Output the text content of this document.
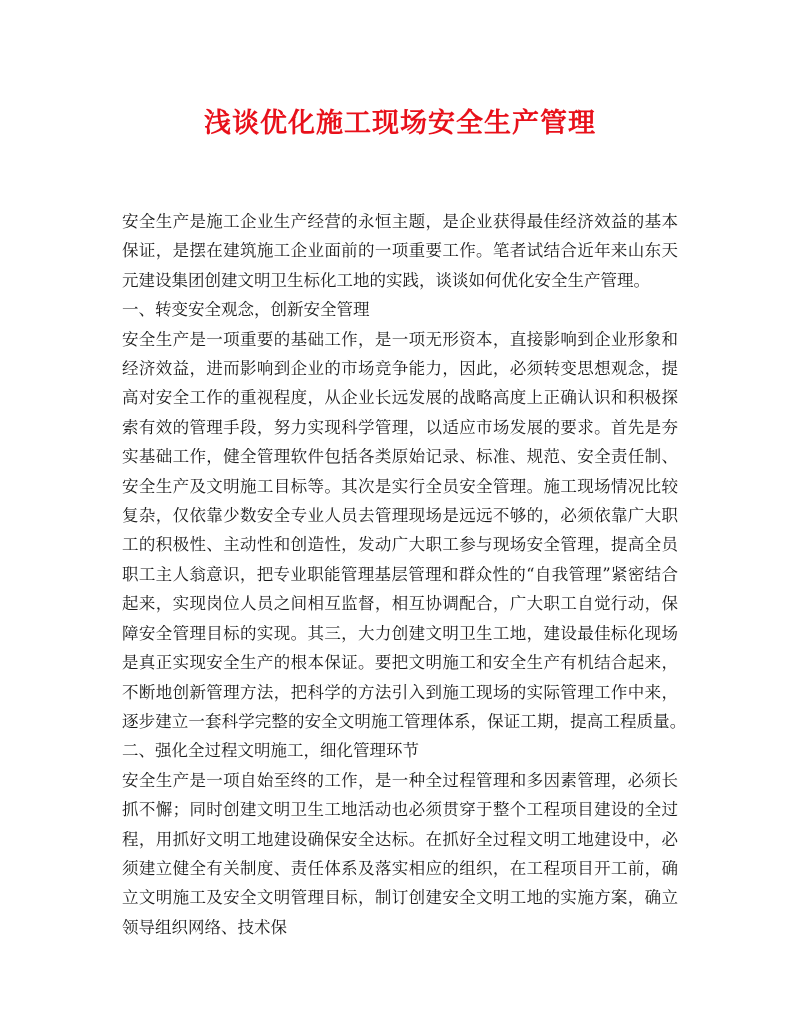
浅谈优化施工现场安全生产管理

安全生产是施工企业生产经营的永恒主题，是企业获得最佳经济效益的基本保证，是摆在建筑施工企业面前的一项重要工作。笔者试结合近年来山东天元建设集团创建文明卫生标化工地的实践，谈谈如何优化安全生产管理。

一、转变安全观念，创新安全管理

安全生产是一项重要的基础工作，是一项无形资本，直接影响到企业形象和经济效益，进而影响到企业的市场竞争能力，因此，必须转变思想观念，提高对安全工作的重视程度，从企业长远发展的战略高度上正确认识和积极探索有效的管理手段，努力实现科学管理，以适应市场发展的要求。首先是夯实基础工作，健全管理软件包括各类原始记录、标准、规范、安全责任制、安全生产及文明施工目标等。其次是实行全员安全管理。施工现场情况比较复杂，仅依靠少数安全专业人员去管理现场是远远不够的，必须依靠广大职工的积极性、主动性和创造性，发动广大职工参与现场安全管理，提高全员职工主人翁意识，把专业职能管理基层管理和群众性的“自我管理”紧密结合起来，实现岗位人员之间相互监督，相互协调配合，广大职工自觉行动，保障安全管理目标的实现。其三，大力创建文明卫生工地，建设最佳标化现场是真正实现安全生产的根本保证。要把文明施工和安全生产有机结合起来，不断地创新管理方法，把科学的方法引入到施工现场的实际管理工作中来，逐步建立一套科学完整的安全文明施工管理体系，保证工期，提高工程质量。　二、强化全过程文明施工，细化管理环节

安全生产是一项自始至终的工作，是一种全过程管理和多因素管理，必须长抓不懈；同时创建文明卫生工地活动也必须贯穿于整个工程项目建设的全过程，用抓好文明工地建设确保安全达标。在抓好全过程文明工地建设中，必须建立健全有关制度、责任体系及落实相应的组织，在工程项目开工前，确立文明施工及安全文明管理目标，制订创建安全文明工地的实施方案，确立领导组织网络、技术保
